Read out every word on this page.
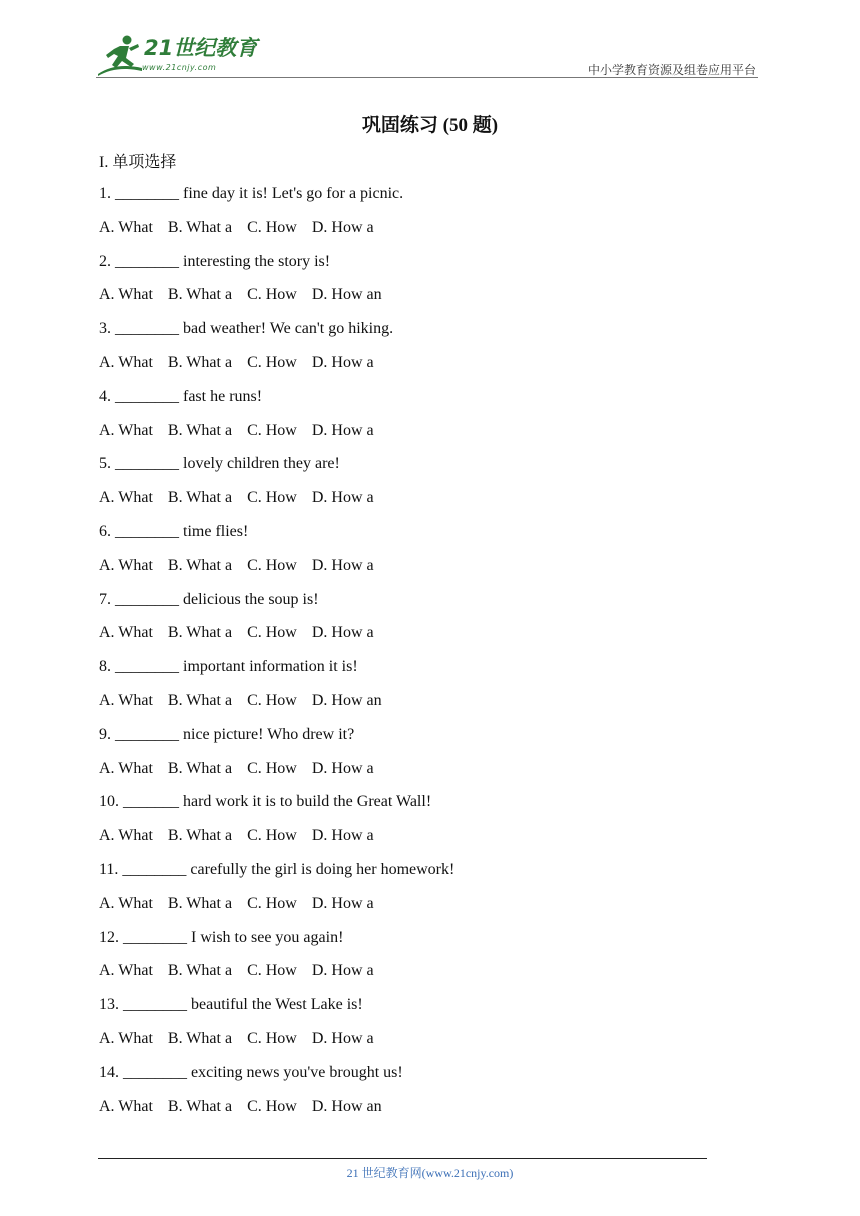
21世纪教育
www.21cnjy.com	中小学教育资源及组卷应用平台
巩固练习 (50 题)
I. 单项选择
1. ________ fine day it is! Let's go for a picnic.
A. What B. What a C. How D. How a
2. ________ interesting the story is!
A. What B. What a C. How D. How an
3. ________ bad weather! We can't go hiking.
A. What B. What a C. How D. How a
4. ________ fast he runs!
A. What B. What a C. How D. How a
5. ________ lovely children they are!
A. What B. What a C. How D. How a
6. ________ time flies!
A. What B. What a C. How D. How a
7. ________ delicious the soup is!
A. What B. What a C. How D. How a
8. ________ important information it is!
A. What B. What a C. How D. How an
9. ________ nice picture! Who drew it?
A. What B. What a C. How D. How a
10. _______ hard work it is to build the Great Wall!
A. What B. What a C. How D. How a
11. ________ carefully the girl is doing her homework!
A. What B. What a C. How D. How a
12. ________ I wish to see you again!
A. What B. What a C. How D. How a
13. ________ beautiful the West Lake is!
A. What B. What a C. How D. How a
14. ________ exciting news you've brought us!
A. What B. What a C. How D. How an
21 世纪教育网(www.21cnjy.com)
